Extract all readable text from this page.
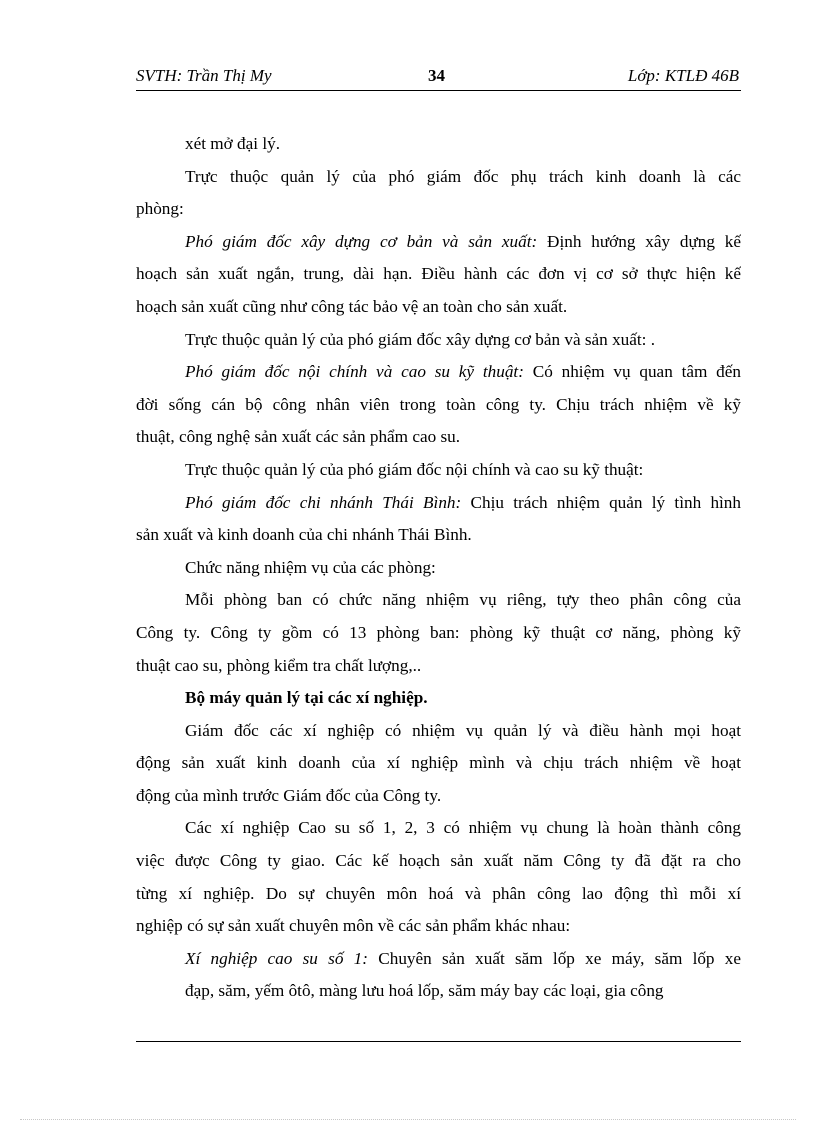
SVTH: Trần Thị My	34	Lớp: KTLĐ 46B
xét mở đại lý.
Trực thuộc quản lý của phó giám đốc phụ trách kinh doanh là các
phòng:
Phó giám đốc xây dựng cơ bản và sản xuất: Định hướng xây dựng kế
hoạch sản xuất ngắn, trung, dài hạn. Điều hành các đơn vị cơ sở thực hiện kế
hoạch sản xuất cũng như công tác bảo vệ an toàn cho sản xuất.
Trực thuộc quản lý của phó giám đốc xây dựng cơ bản và sản xuất: .
Phó giám đốc nội chính và cao su kỹ thuật: Có nhiệm vụ quan tâm đến
đời sống cán bộ công nhân viên trong toàn công ty. Chịu trách nhiệm về kỹ
thuật, công nghệ sản xuất các sản phẩm cao su.
Trực thuộc quản lý của phó giám đốc nội chính và cao su kỹ thuật:
Phó giám đốc chi nhánh Thái Bình: Chịu trách nhiệm quản lý tình hình
sản xuất và kinh doanh của chi nhánh Thái Bình.
Chức năng nhiệm vụ của các phòng:
Mỗi phòng ban có chức năng nhiệm vụ riêng, tựy theo phân công của
Công ty. Công ty gồm có 13 phòng ban: phòng kỹ thuật cơ năng, phòng kỹ
thuật cao su, phòng kiểm tra chất lượng,..
Bộ máy quản lý tại các xí nghiệp.
Giám đốc các xí nghiệp có nhiệm vụ quản lý và điều hành mọi hoạt
động sản xuất kinh doanh của xí nghiệp mình và chịu trách nhiệm về hoạt
động của mình trước Giám đốc của Công ty.
Các xí nghiệp Cao su số 1, 2, 3 có nhiệm vụ chung là hoàn thành công
việc được Công ty giao. Các kế hoạch sản xuất năm Công ty đã đặt ra cho
từng xí nghiệp. Do sự chuyên môn hoá và phân công lao động thì mỗi xí
nghiệp có sự sản xuất chuyên môn về các sản phẩm khác nhau:
Xí nghiệp cao su số 1: Chuyên sản xuất săm lốp xe máy, săm lốp xe
đạp, săm, yếm ôtô, màng lưu hoá lốp, săm máy bay các loại, gia công
